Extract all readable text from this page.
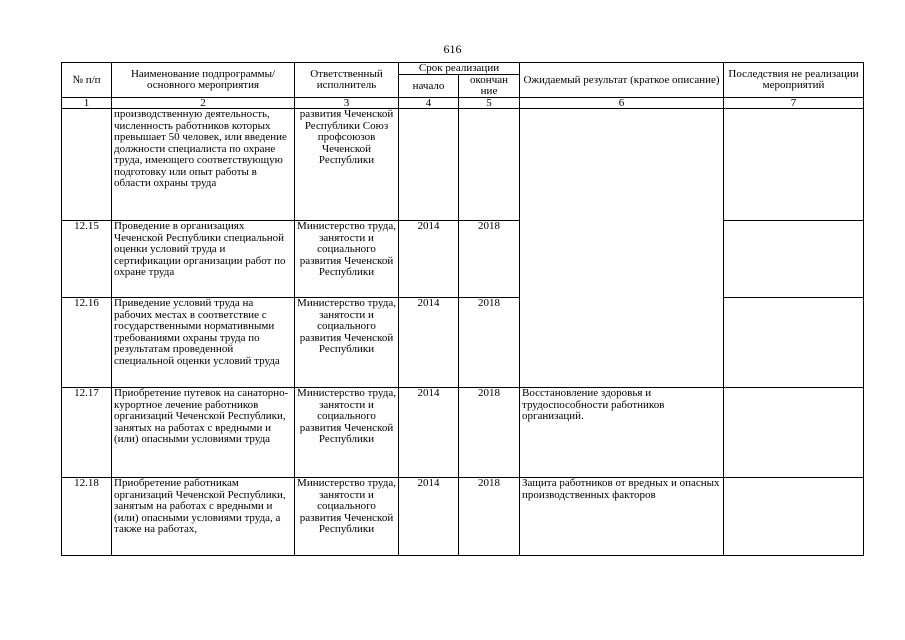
616
№ п/п	Наименование подпрограммы/ основного мероприятия	Ответственный исполнитель	Срок реализации		Ожидаемый результат (краткое описание)	Последствия не реализации мероприятий
			начало	окончан ние		
1	2	3	4	5	6	7
	производственную деятельность, численность работников которых превышает 50 человек, или введение должности специалиста по охране труда, имеющего соответствующую подготовку или опыт работы в области охраны труда	развития Чеченской Республики Союз профсоюзов Чеченской Республики				
12.15	Проведение в организациях Чеченской Республики специальной оценки условий труда и сертификации организации работ по охране труда	Министерство труда, занятости и социального развития Чеченской Республики	2014	2018		
12.16	Приведение условий труда на рабочих местах в соответствие с государственными нормативными требованиями охраны труда по результатам проведенной специальной оценки условий труда	Министерство труда, занятости и социального развития Чеченской Республики	2014	2018		
12.17	Приобретение путевок на санаторно-курортное лечение работников организаций Чеченской Республики, занятых на работах с вредными и (или) опасными условиями труда	Министерство труда, занятости и социального развития Чеченской Республики	2014	2018	Восстановление здоровья и трудоспособности работников организаций.	
12.18	Приобретение работникам организаций Чеченской Республики, занятым на работах с вредными и (или) опасными условиями труда, а также на работах,	Министерство труда, занятости и социального развития Чеченской Республики	2014	2018	Защита работников от вредных и опасных производственных факторов	
